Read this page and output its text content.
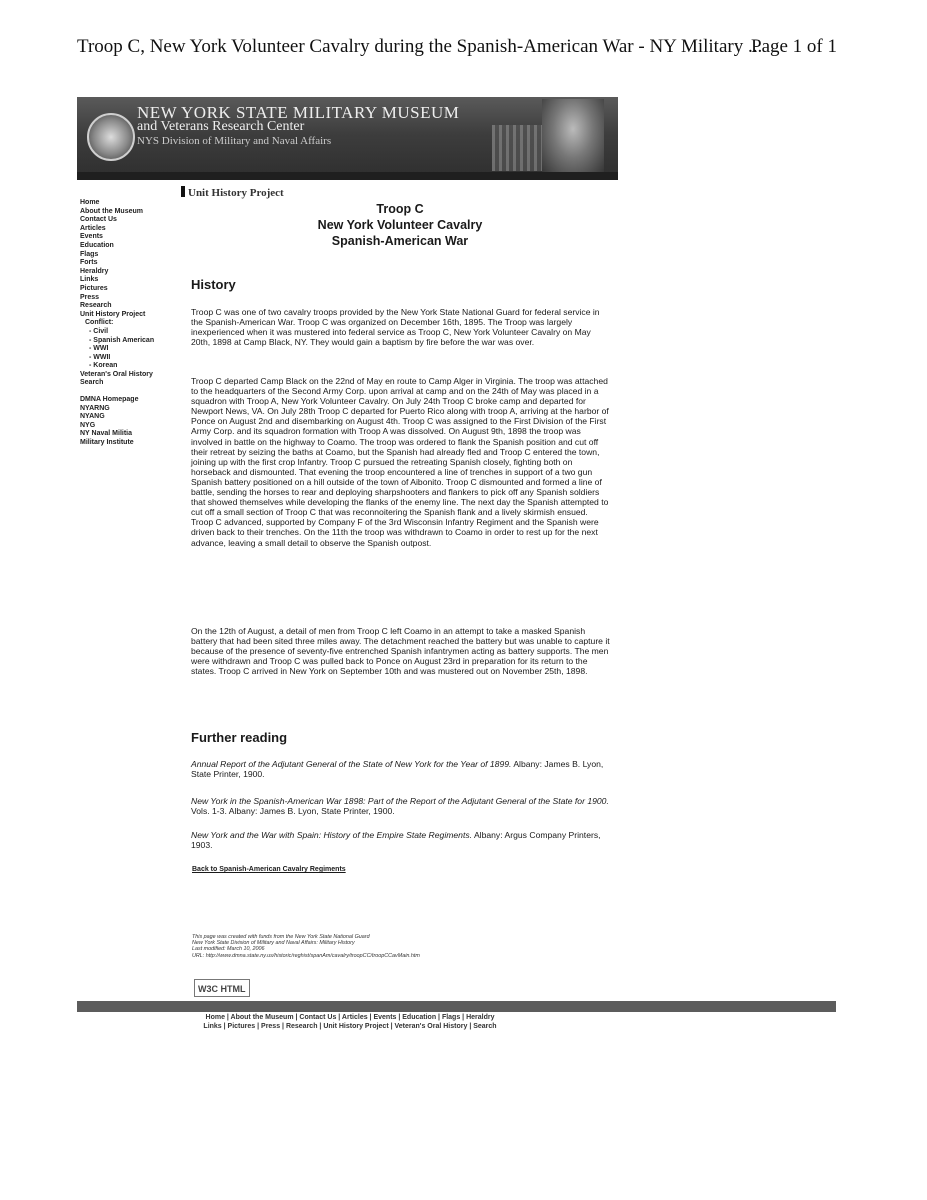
Troop C, New York Volunteer Cavalry during the Spanish-American War - NY Military ...
Page 1 of 1
NEW YORK STATE MILITARY MUSEUM
and Veterans Research Center
NYS Division of Military and Naval Affairs
Home
About the Museum
Contact Us
Articles
Events
Education
Flags
Forts
Heraldry
Links
Pictures
Press
Research
Unit History Project
Conflict:
- Civil
- Spanish American
- WWI
- WWII
- Korean
Veteran's Oral History
Search
DMNA Homepage
NYARNG
NYANG
NYG
NY Naval Militia
Military Institute
Unit History Project
Troop C
New York Volunteer Cavalry
Spanish-American War
History
Troop C was one of two cavalry troops provided by the New York State National Guard for federal service in the Spanish-American War. Troop C was organized on December 16th, 1895. The Troop was largely inexperienced when it was mustered into federal service as Troop C, New York Volunteer Cavalry on May 20th, 1898 at Camp Black, NY. They would gain a baptism by fire before the war was over.
Troop C departed Camp Black on the 22nd of May en route to Camp Alger in Virginia. The troop was attached to the headquarters of the Second Army Corp. upon arrival at camp and on the 24th of May was placed in a squadron with Troop A, New York Volunteer Cavalry. On July 24th Troop C broke camp and departed for Newport News, VA. On July 28th Troop C departed for Puerto Rico along with troop A, arriving at the harbor of Ponce on August 2nd and disembarking on August 4th. Troop C was assigned to the First Division of the First Army Corp. and its squadron formation with Troop A was dissolved. On August 9th, 1898 the troop was involved in battle on the highway to Coamo. The troop was ordered to flank the Spanish position and cut off their retreat by seizing the baths at Coamo, but the Spanish had already fled and Troop C entered the town, joining up with the first crop Infantry. Troop C pursued the retreating Spanish closely, fighting both on horseback and dismounted. That evening the troop encountered a line of trenches in support of a two gun Spanish battery positioned on a hill outside of the town of Aibonito. Troop C dismounted and formed a line of battle, sending the horses to rear and deploying sharpshooters and flankers to pick off any Spanish soldiers that showed themselves while developing the flanks of the enemy line. The next day the Spanish attempted to cut off a small section of Troop C that was reconnoitering the Spanish flank and a lively skirmish ensued. Troop C advanced, supported by Company F of the 3rd Wisconsin Infantry Regiment and the Spanish were driven back to their trenches. On the 11th the troop was withdrawn to Coamo in order to rest up for the next advance, leaving a small detail to observe the Spanish outpost.
On the 12th of August, a detail of men from Troop C left Coamo in an attempt to take a masked Spanish battery that had been sited three miles away. The detachment reached the battery but was unable to capture it because of the presence of seventy-five entrenched Spanish infantrymen acting as battery supports. The men were withdrawn and Troop C was pulled back to Ponce on August 23rd in preparation for its return to the states. Troop C arrived in New York on September 10th and was mustered out on November 25th, 1898.
Further reading
Annual Report of the Adjutant General of the State of New York for the Year of 1899. Albany: James B. Lyon, State Printer, 1900.
New York in the Spanish-American War 1898: Part of the Report of the Adjutant General of the State for 1900. Vols. 1-3. Albany: James B. Lyon, State Printer, 1900.
New York and the War with Spain: History of the Empire State Regiments. Albany: Argus Company Printers, 1903.
Back to Spanish-American Cavalry Regiments
This page was created with funds from the New York State National Guard
New York State Division of Military and Naval Affairs: Military History
Last modified: March 10, 2006
URL: http://www.dmna.state.ny.us/historic/reghist/spanAm/cavalry/troopCC/troopCCavMain.htm
W3C HTML
Home | About the Museum | Contact Us | Articles | Events | Education | Flags | Heraldry
Links | Pictures | Press | Research | Unit History Project | Veteran's Oral History | Search
